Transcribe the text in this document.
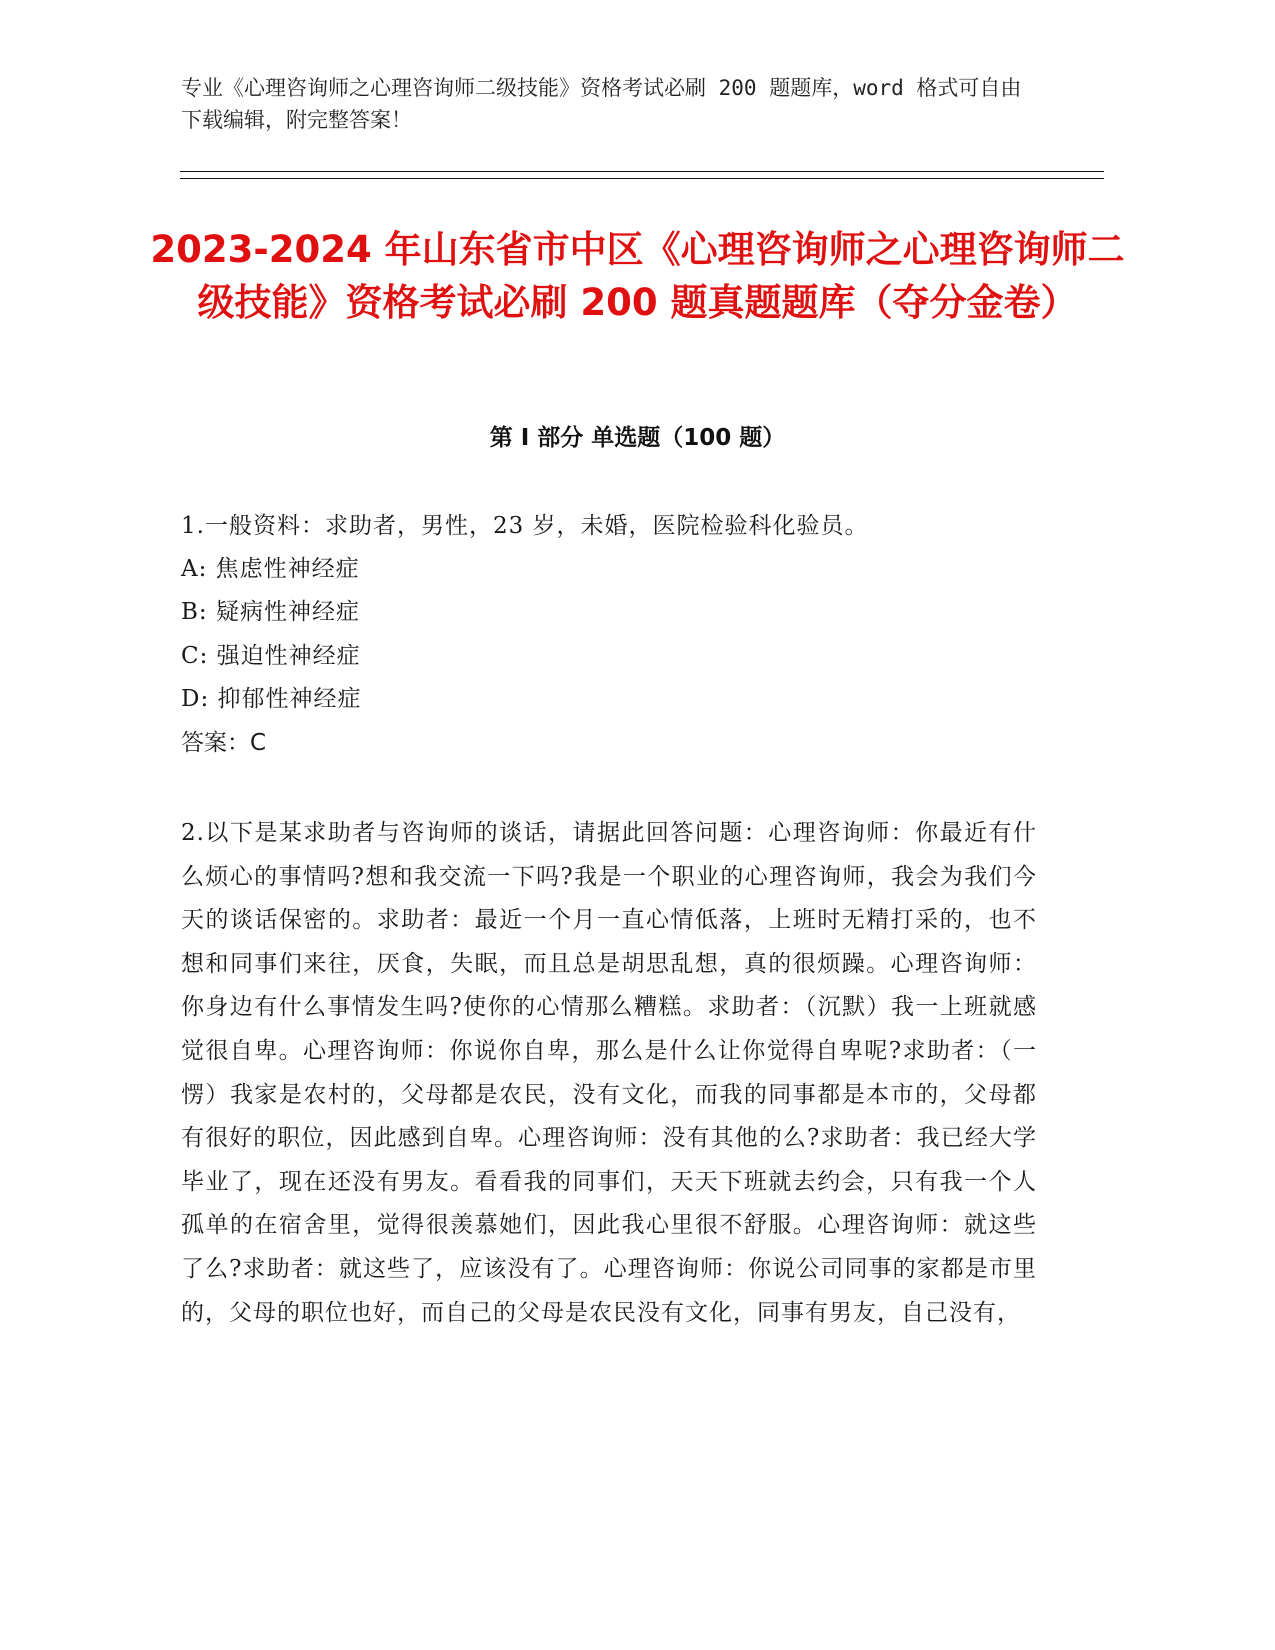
专业《心理咨询师之心理咨询师二级技能》资格考试必刷 200 题题库，word 格式可自由下载编辑，附完整答案！
2023-2024 年山东省市中区《心理咨询师之心理咨询师二级技能》资格考试必刷 200 题真题题库（夺分金卷）
第 I 部分 单选题（100 题）
1.一般资料：求助者，男性，23 岁，未婚，医院检验科化验员。
A: 焦虑性神经症
B: 疑病性神经症
C: 强迫性神经症
D: 抑郁性神经症
答案：C
2.以下是某求助者与咨询师的谈话，请据此回答问题：心理咨询师：你最近有什么烦心的事情吗?想和我交流一下吗?我是一个职业的心理咨询师，我会为我们今天的谈话保密的。求助者：最近一个月一直心情低落，上班时无精打采的，也不想和同事们来往，厌食，失眠，而且总是胡思乱想，真的很烦躁。心理咨询师：你身边有什么事情发生吗?使你的心情那么糟糕。求助者：（沉默）我一上班就感觉很自卑。心理咨询师：你说你自卑，那么是什么让你觉得自卑呢?求助者：（一愣）我家是农村的，父母都是农民，没有文化，而我的同事都是本市的，父母都有很好的职位，因此感到自卑。心理咨询师：没有其他的么?求助者：我已经大学毕业了，现在还没有男友。看看我的同事们，天天下班就去约会，只有我一个人孤单的在宿舍里，觉得很羡慕她们，因此我心里很不舒服。心理咨询师：就这些了么?求助者：就这些了，应该没有了。心理咨询师：你说公司同事的家都是市里的，父母的职位也好，而自己的父母是农民没有文化，同事有男友，自己没有，
